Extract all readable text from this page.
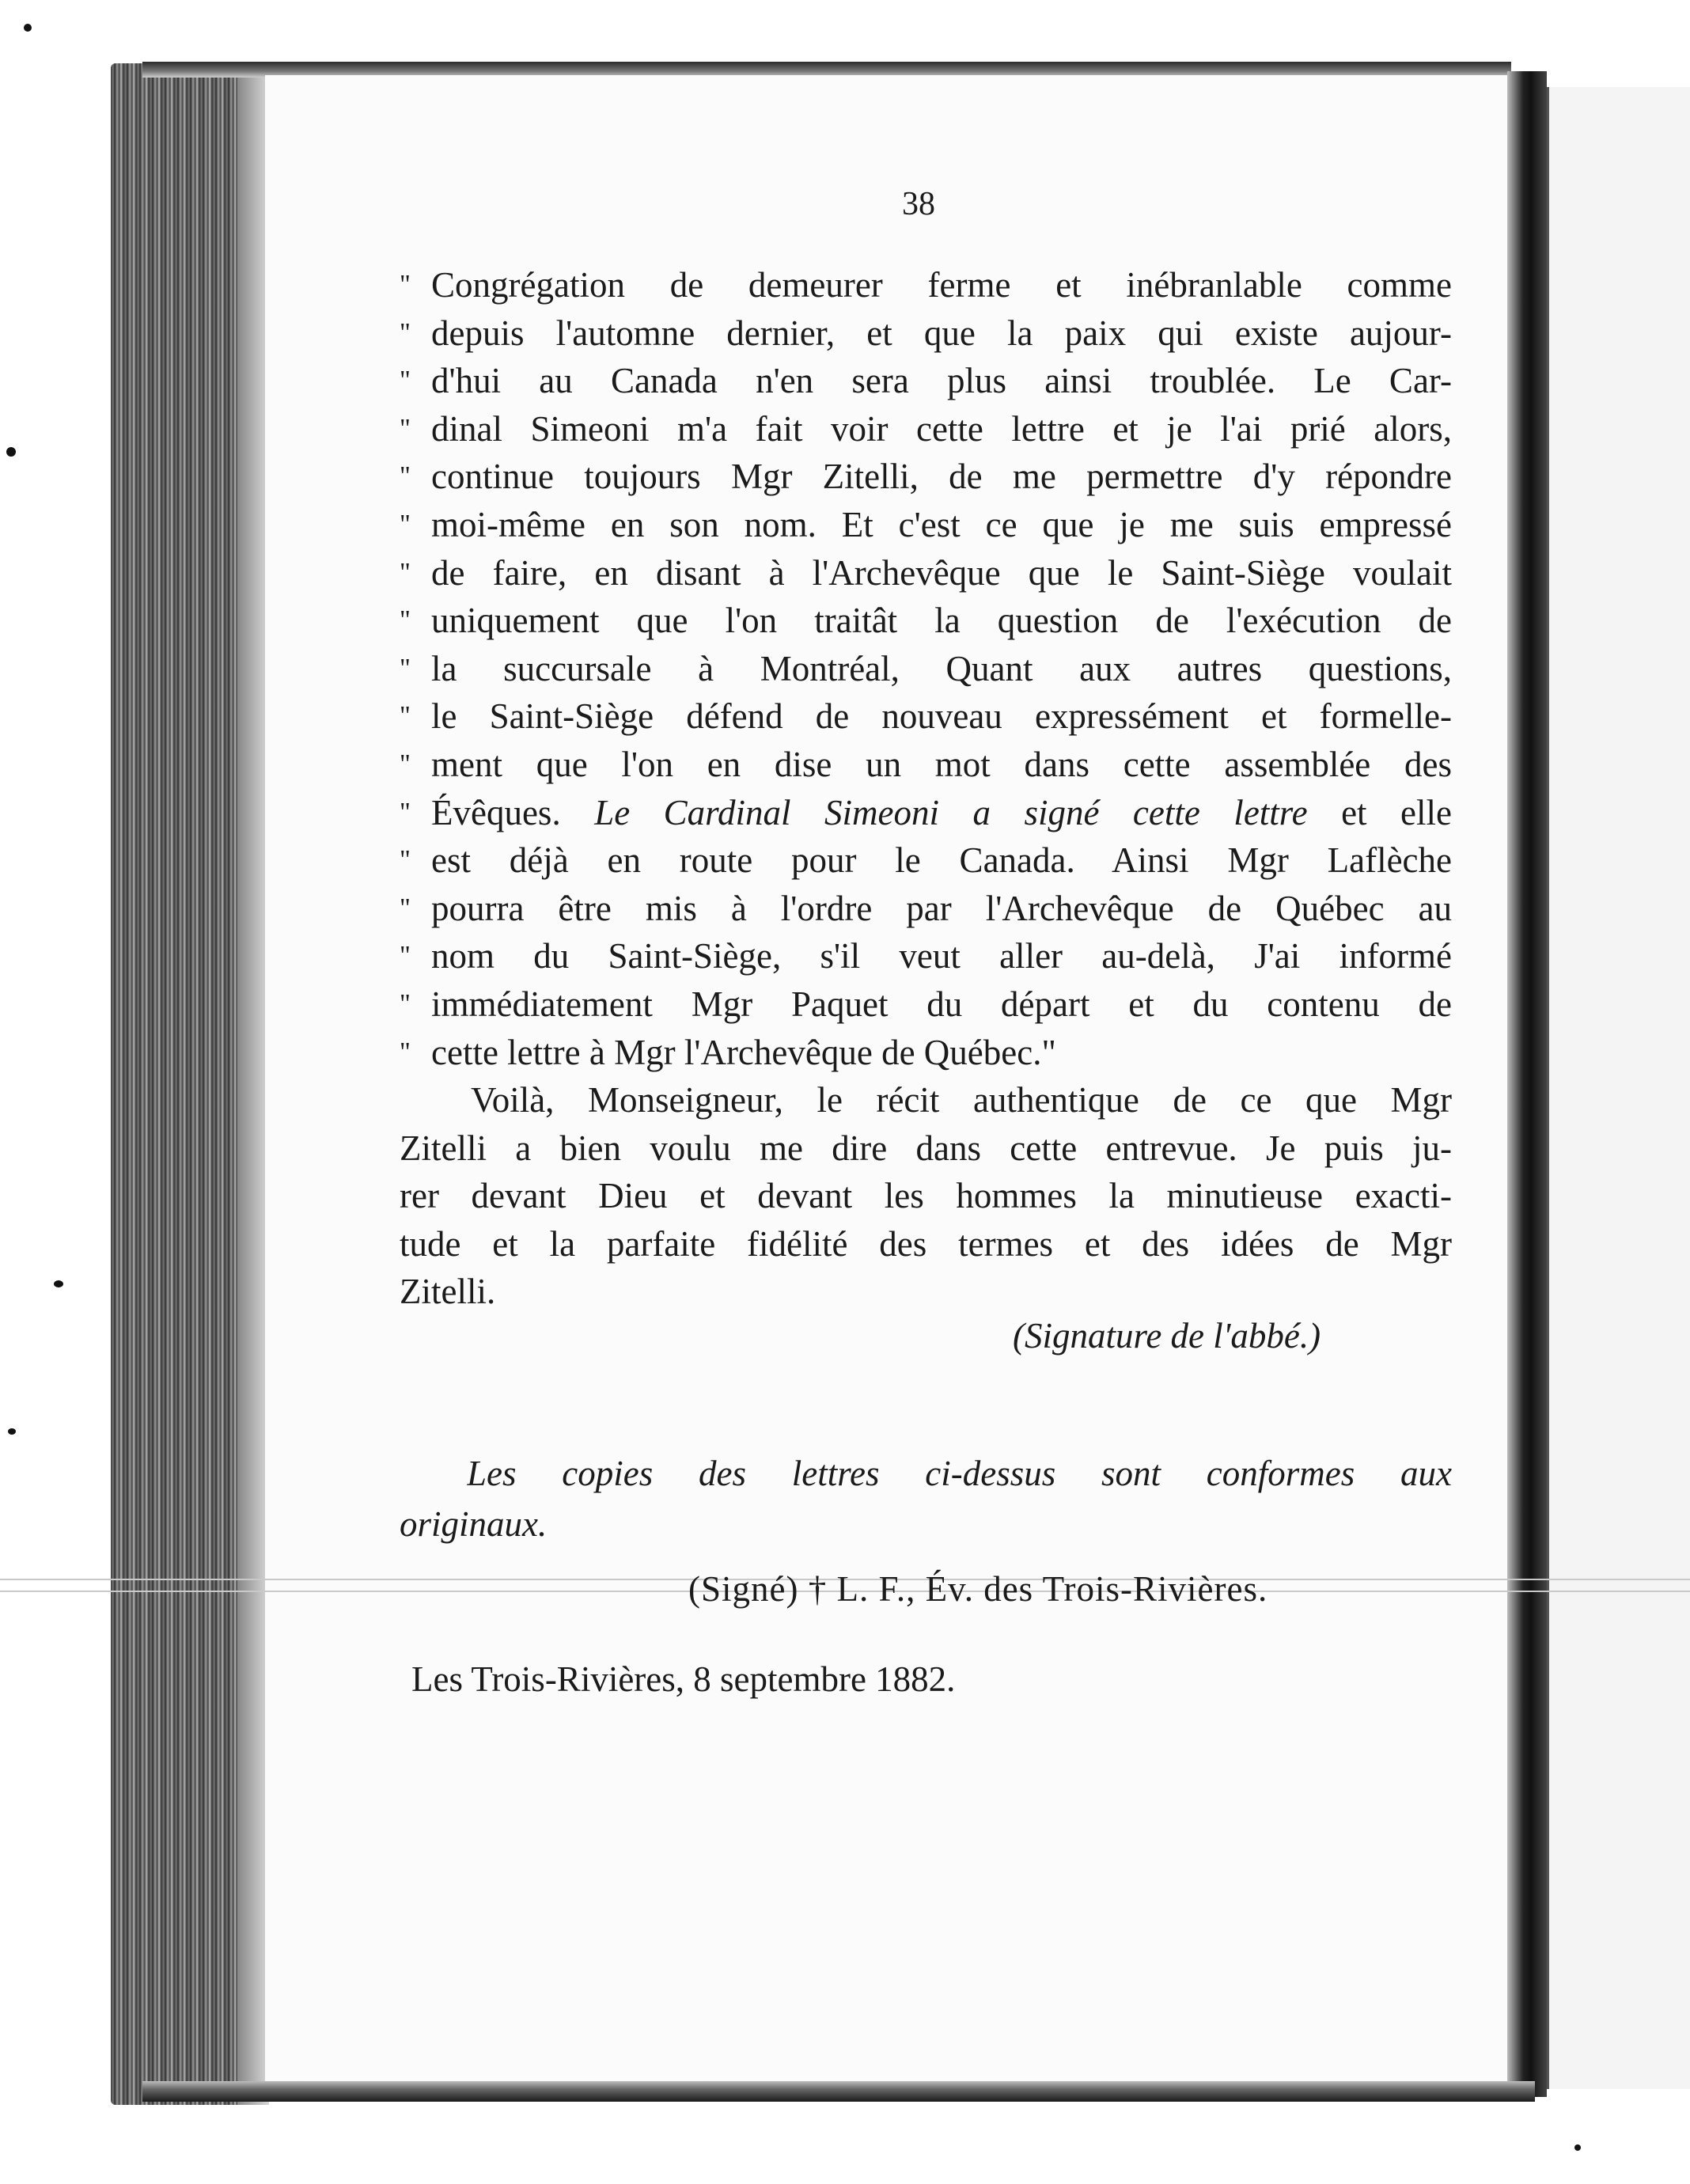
38
" Congrégation de demeurer ferme et inébranlable comme
" depuis l'automne dernier, et que la paix qui existe aujour-
" d'hui au Canada n'en sera plus ainsi troublée. Le Car-
" dinal Simeoni m'a fait voir cette lettre et je l'ai prié alors,
" continue toujours Mgr Zitelli, de me permettre d'y répondre
" moi-même en son nom. Et c'est ce que je me suis empressé
" de faire, en disant à l'Archevêque que le Saint-Siège voulait
" uniquement que l'on traitât la question de l'exécution de
" la succursale à Montréal, Quant aux autres questions,
" le Saint-Siège défend de nouveau expressément et formelle-
" ment que l'on en dise un mot dans cette assemblée des
" Évêques. Le Cardinal Simeoni a signé cette lettre et elle
" est déjà en route pour le Canada. Ainsi Mgr Laflèche
" pourra être mis à l'ordre par l'Archevêque de Québec au
" nom du Saint-Siège, s'il veut aller au-delà, J'ai informé
" immédiatement Mgr Paquet du départ et du contenu de
" cette lettre à Mgr l'Archevêque de Québec."
Voilà, Monseigneur, le récit authentique de ce que Mgr
Zitelli a bien voulu me dire dans cette entrevue. Je puis ju-
rer devant Dieu et devant les hommes la minutieuse exacti-
tude et la parfaite fidélité des termes et des idées de Mgr
Zitelli.
(Signature de l'abbé.)
Les copies des lettres ci-dessus sont conformes aux
originaux.
(Signé) † L. F., Év. des Trois-Rivières.
Les Trois-Rivières, 8 septembre 1882.
